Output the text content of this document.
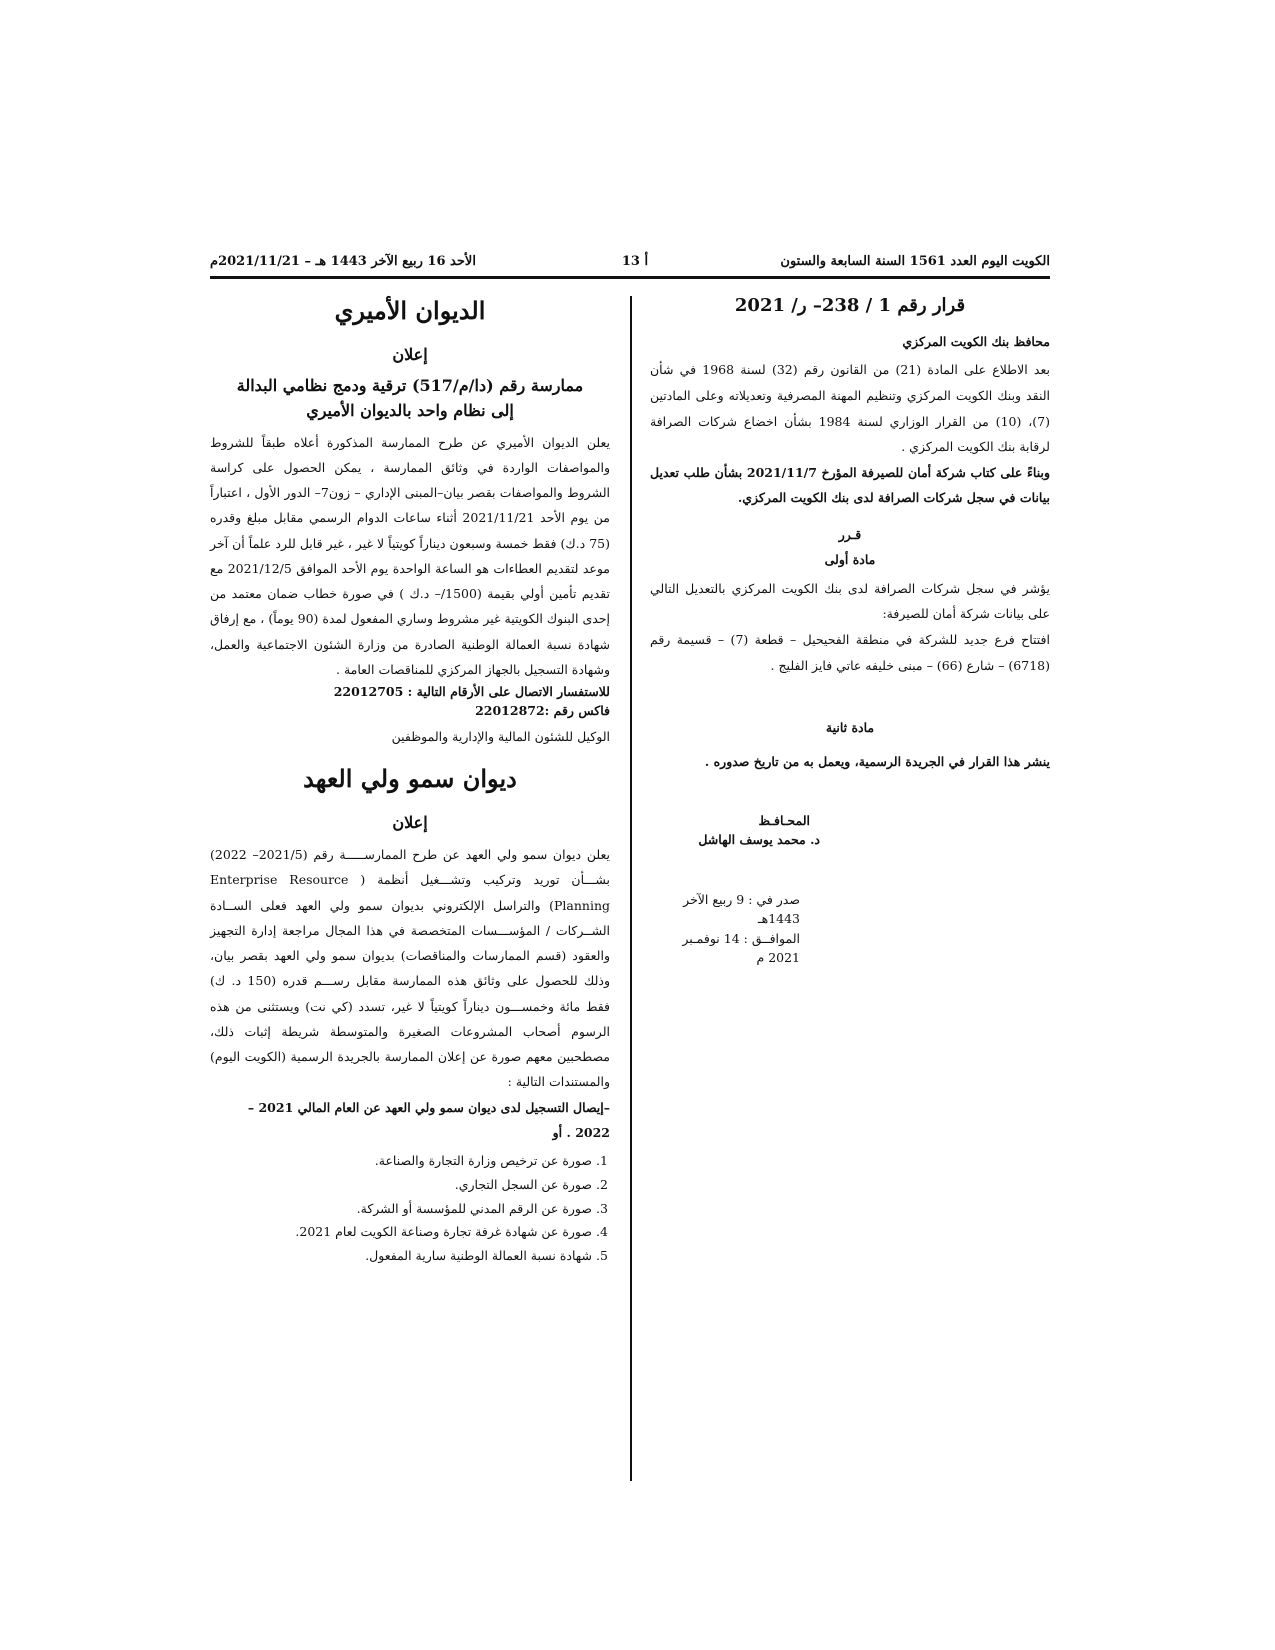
الكويت اليوم العدد 1561 السنة السابعة والستون
أ 13
الأحد 16 ربيع الآخر 1443 هـ – 2021/11/21م

قرار رقم 1 / 238– ر/ 2021

محافظ بنك الكويت المركزي

بعد الاطلاع على المادة (21) من القانون رقم (32) لسنة 1968 في شأن النقد وبنك الكويت المركزي وتنظيم المهنة المصرفية وتعديلاته وعلى المادتين (7)، (10) من القرار الوزاري لسنة 1984 بشأن اخضاع شركات الصرافة لرقابة بنك الكويت المركزي .

وبناءً على كتاب شركة أمان للصيرفة المؤرخ 2021/11/7 بشأن طلب تعديل بيانات في سجل شركات الصرافة لدى بنك الكويت المركزي.

قـرر

مادة أولى

يؤشر في سجل شركات الصرافة لدى بنك الكويت المركزي بالتعديل التالي على بيانات شركة أمان للصيرفة:

افتتاح فرع جديد للشركة في منطقة الفحيحيل – قطعة (7) – قسيمة رقم (6718) – شارع (66) – مبنى خليفه عاتي فايز الفليج .

مادة ثانية

ينشر هذا القرار في الجريدة الرسمية، ويعمل به من تاريخ صدوره .

المحـافـظ

د. محمد يوسف الهاشل

صدر في : 9 ربيع الآخر 1443هـ

الموافــق : 14 نوفمـبر 2021 م

الديوان الأميري

إعلان

ممارسة رقم (دا/م/517) ترقية ودمج نظامي البدالة

إلى نظام واحد بالديوان الأميري

يعلن الديوان الأميري عن طرح الممارسة المذكورة أعلاه طبقاً للشروط والمواصفات الواردة في وثائق الممارسة ، يمكن الحصول على كراسة الشروط والمواصفات بقصر بيان–المبنى الإداري – زون7– الدور الأول ، اعتباراً من يوم الأحد 2021/11/21 أثناء ساعات الدوام الرسمي مقابل مبلغ وقدره (75 د.ك) فقط خمسة وسبعون ديناراً كويتياً لا غير ، غير قابل للرد علماً أن آخر موعد لتقديم العطاءات هو الساعة الواحدة يوم الأحد الموافق 2021/12/5 مع تقديم تأمين أولي بقيمة (1500/– د.ك ) في صورة خطاب ضمان معتمد من إحدى البنوك الكويتية غير مشروط وساري المفعول لمدة (90 يوماً) ، مع إرفاق شهادة نسبة العمالة الوطنية الصادرة من وزارة الشئون الاجتماعية والعمل، وشهادة التسجيل بالجهاز المركزي للمناقصات العامة .

للاستفسار الاتصال على الأرقام التالية : 22012705

فاكس رقم :22012872

الوكيل للشئون المالية والإدارية والموظفين

ديوان سمو ولي العهد

إعلان

يعلن ديوان سمو ولي العهد عن طرح الممارســـــة رقم (2021/5– 2022) بشـــأن توريد وتركيب وتشـــغيل أنظمة ( Enterprise Resource Planning) والتراسل الإلكتروني بديوان سمو ولي العهد فعلى الســادة الشــركات / المؤســـسات المتخصصة في هذا المجال مراجعة إدارة التجهيز والعقود (قسم الممارسات والمناقصات) بديوان سمو ولي العهد بقصر بيان، وذلك للحصول على وثائق هذه الممارسة مقابل رســـم قدره (150 د. ك) فقط مائة وخمســـون ديناراً كويتياً لا غير، تسدد (كي نت) ويستثنى من هذه الرسوم أصحاب المشروعات الصغيرة والمتوسطة شريطة إثبات ذلك، مصطحبين معهم صورة عن إعلان الممارسة بالجريدة الرسمية (الكويت اليوم) والمستندات التالية :

–إيصال التسجيل لدى ديوان سمو ولي العهد عن العام المالي 2021 – 2022 . أو

1. صورة عن ترخيص وزارة التجارة والصناعة.
2. صورة عن السجل التجاري.
3. صورة عن الرقم المدني للمؤسسة أو الشركة.
4. صورة عن شهادة غرفة تجارة وصناعة الكويت لعام 2021.
5. شهادة نسبة العمالة الوطنية سارية المفعول.
